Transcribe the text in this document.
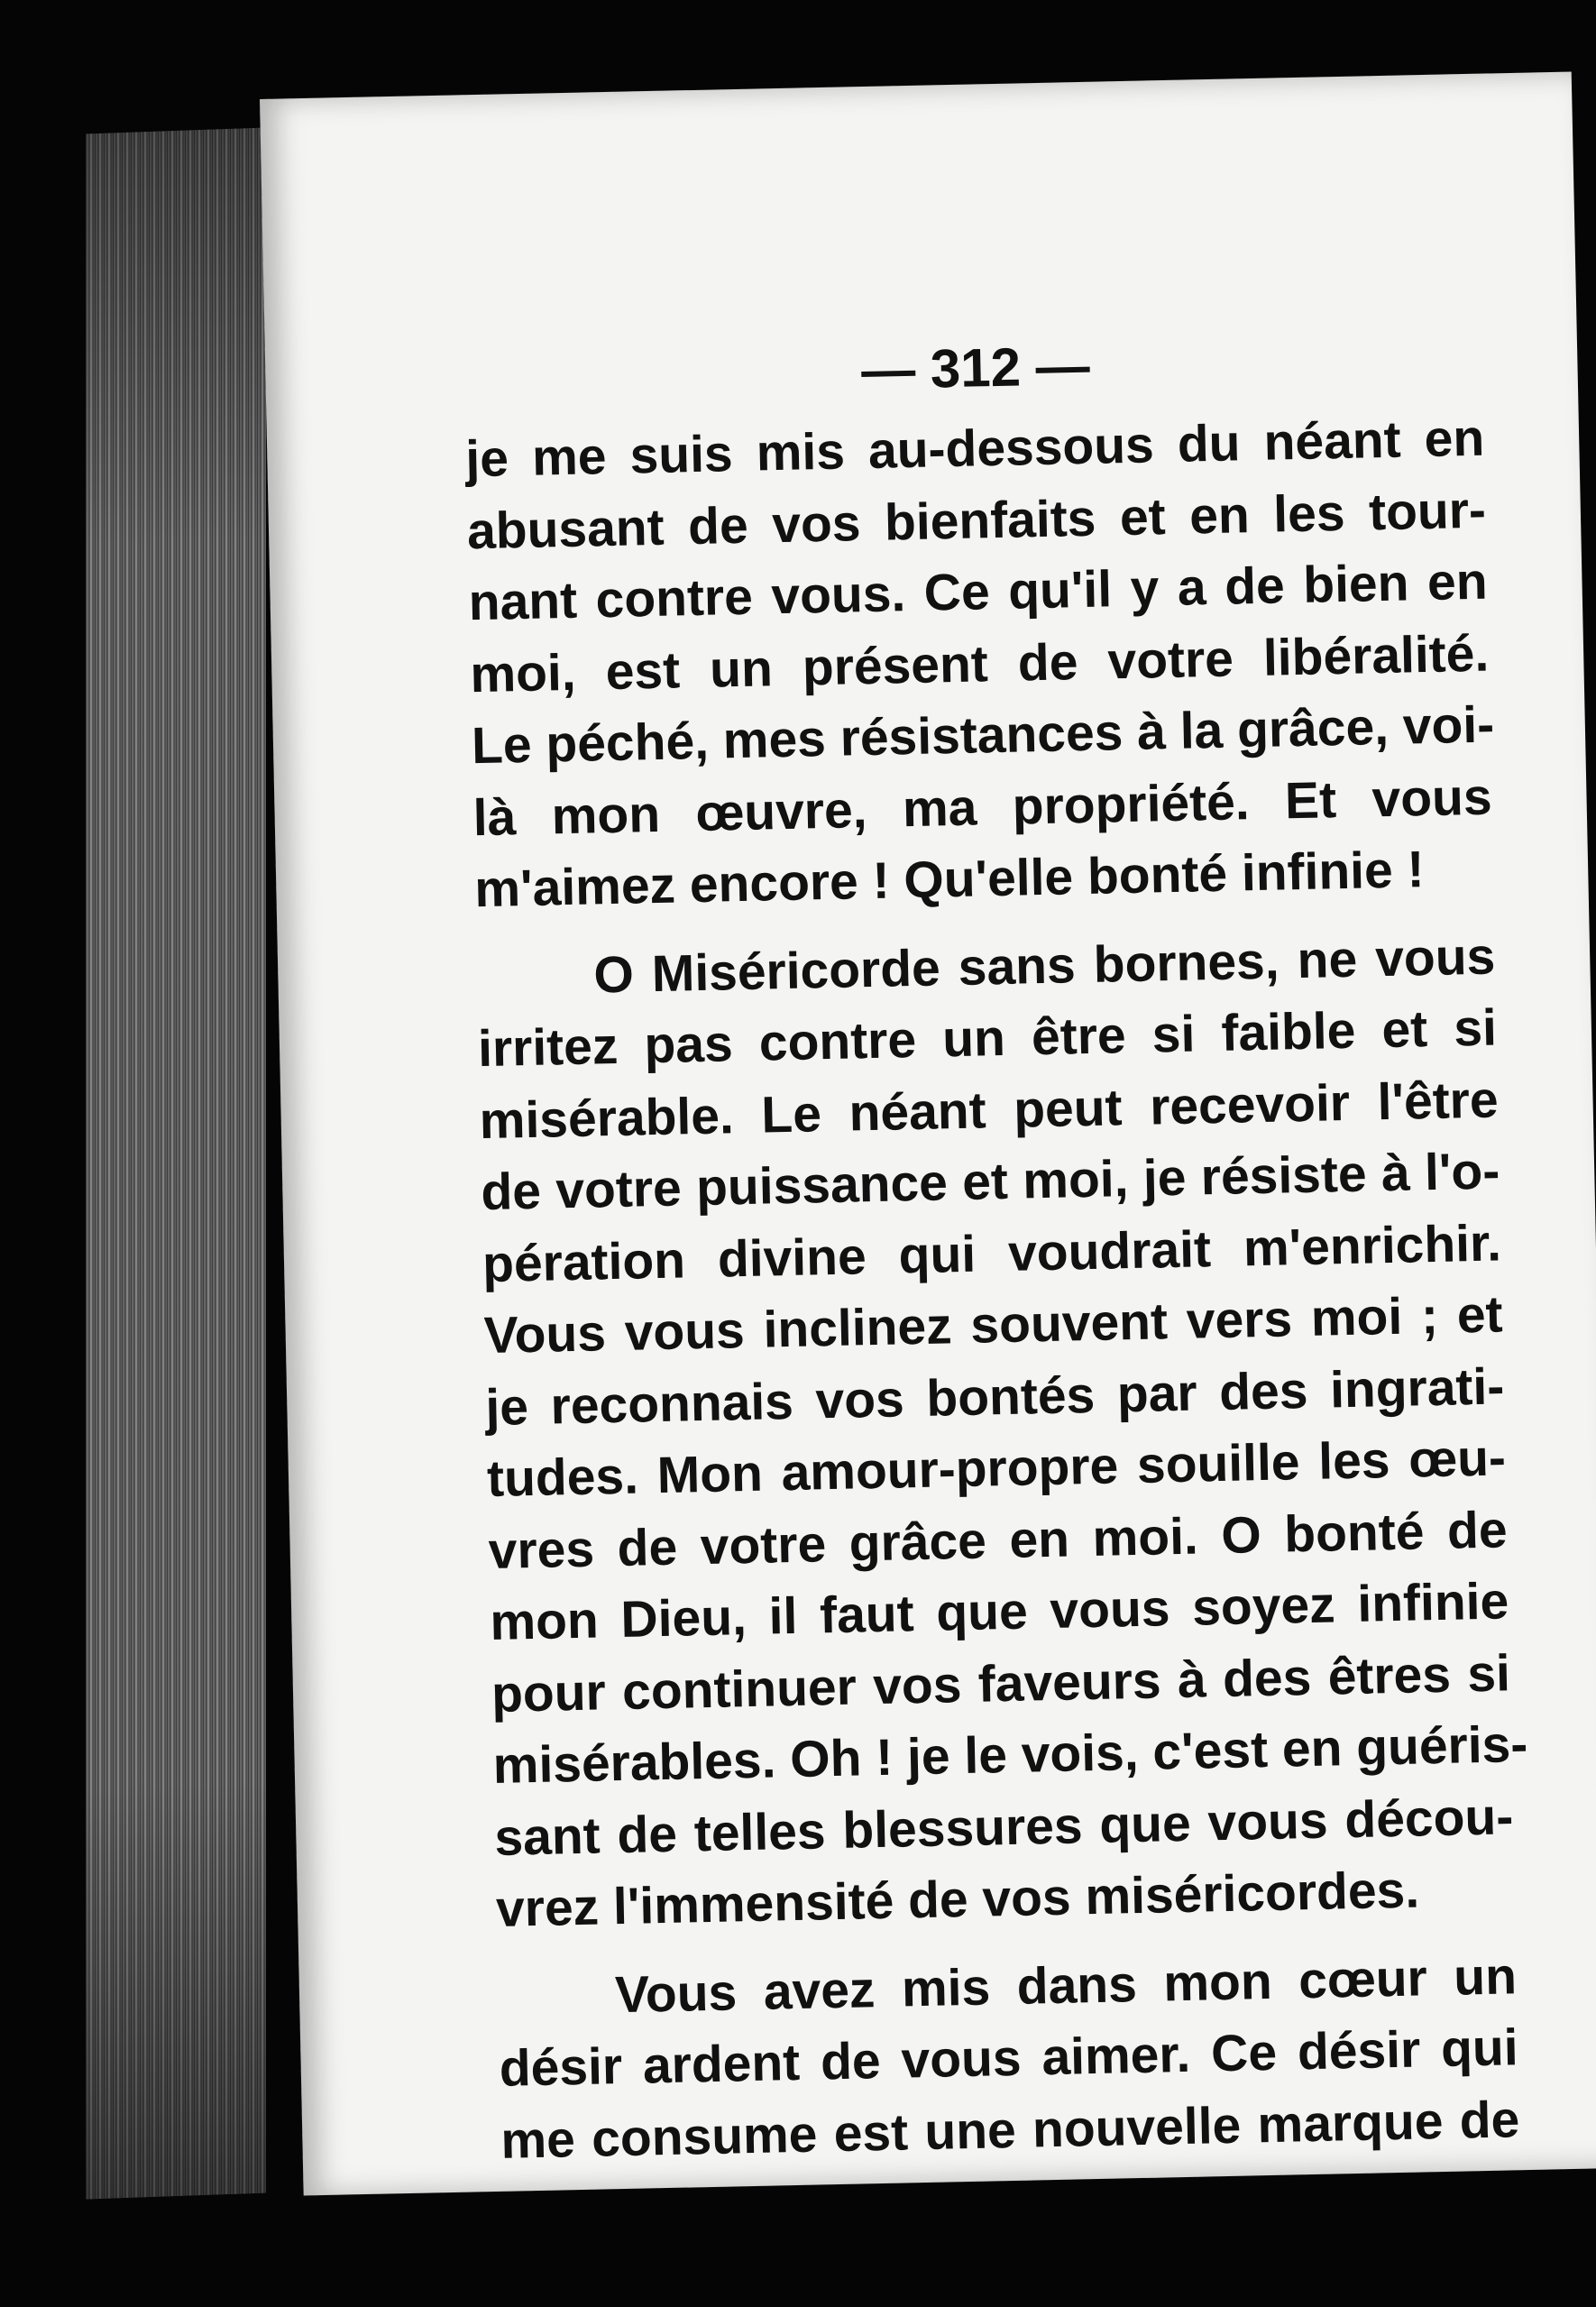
— 312 —
je me suis mis au-dessous du néant en
abusant de vos bienfaits et en les tour-
nant contre vous. Ce qu'il y a de bien en
moi, est un présent de votre libéralité.
Le péché, mes résistances à la grâce, voi-
là mon œuvre, ma propriété. Et vous
m'aimez encore ! Qu'elle bonté infinie !
O Miséricorde sans bornes, ne vous
irritez pas contre un être si faible et si
misérable. Le néant peut recevoir l'être
de votre puissance et moi, je résiste à l'o-
pération divine qui voudrait m'enrichir.
Vous vous inclinez souvent vers moi ; et
je reconnais vos bontés par des ingrati-
tudes. Mon amour-propre souille les œu-
vres de votre grâce en moi. O bonté de
mon Dieu, il faut que vous soyez infinie
pour continuer vos faveurs à des êtres si
misérables. Oh ! je le vois, c'est en guéris-
sant de telles blessures que vous décou-
vrez l'immensité de vos miséricordes.
Vous avez mis dans mon cœur un
désir ardent de vous aimer. Ce désir qui
me consume est une nouvelle marque de
